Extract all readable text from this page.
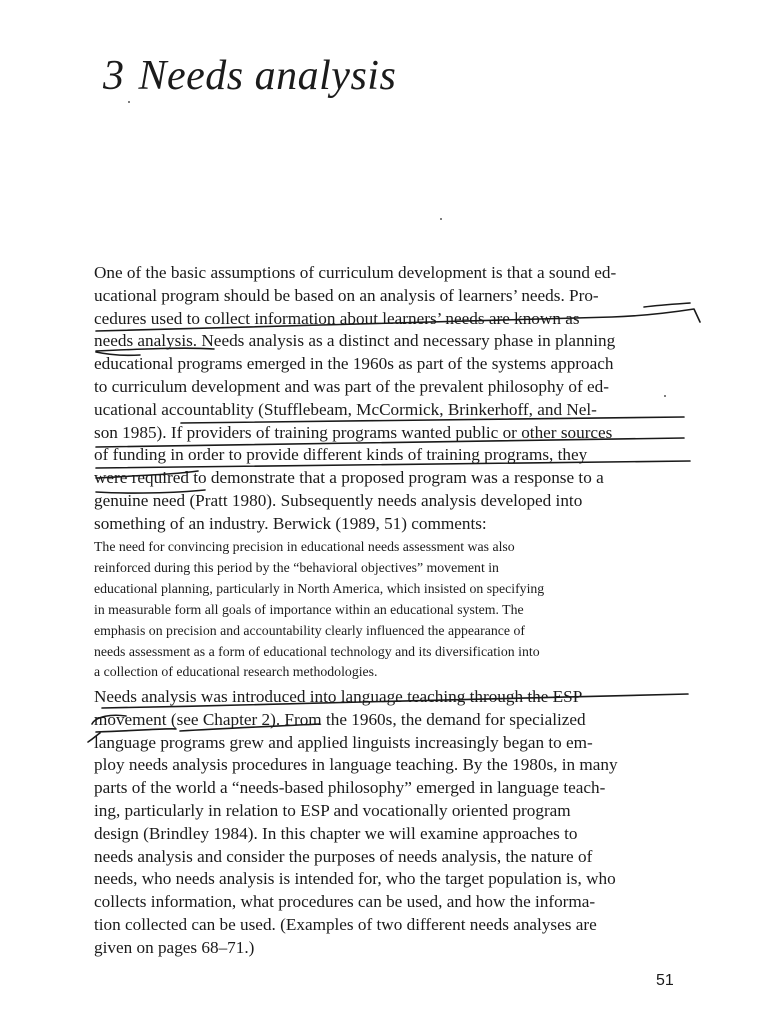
3 Needs analysis
One of the basic assumptions of curriculum development is that a sound ed-
ucational program should be based on an analysis of learners’ needs. Pro-
cedures used to collect information about learners’ needs are known as
needs analysis. Needs analysis as a distinct and necessary phase in planning
educational programs emerged in the 1960s as part of the systems approach
to curriculum development and was part of the prevalent philosophy of ed-
ucational accountablity (Stufflebeam, McCormick, Brinkerhoff, and Nel-
son 1985). If providers of training programs wanted public or other sources
of funding in order to provide different kinds of training programs, they
were required to demonstrate that a proposed program was a response to a
genuine need (Pratt 1980). Subsequently needs analysis developed into
something of an industry. Berwick (1989, 51) comments:
The need for convincing precision in educational needs assessment was also
reinforced during this period by the “behavioral objectives” movement in
educational planning, particularly in North America, which insisted on specifying
in measurable form all goals of importance within an educational system. The
emphasis on precision and accountability clearly influenced the appearance of
needs assessment as a form of educational technology and its diversification into
a collection of educational research methodologies.
Needs analysis was introduced into language teaching through the ESP
movement (see Chapter 2). From the 1960s, the demand for specialized
language programs grew and applied linguists increasingly began to em-
ploy needs analysis procedures in language teaching. By the 1980s, in many
parts of the world a “needs-based philosophy” emerged in language teach-
ing, particularly in relation to ESP and vocationally oriented program
design (Brindley 1984). In this chapter we will examine approaches to
needs analysis and consider the purposes of needs analysis, the nature of
needs, who needs analysis is intended for, who the target population is, who
collects information, what procedures can be used, and how the informa-
tion collected can be used. (Examples of two different needs analyses are
given on pages 68–71.)
51
